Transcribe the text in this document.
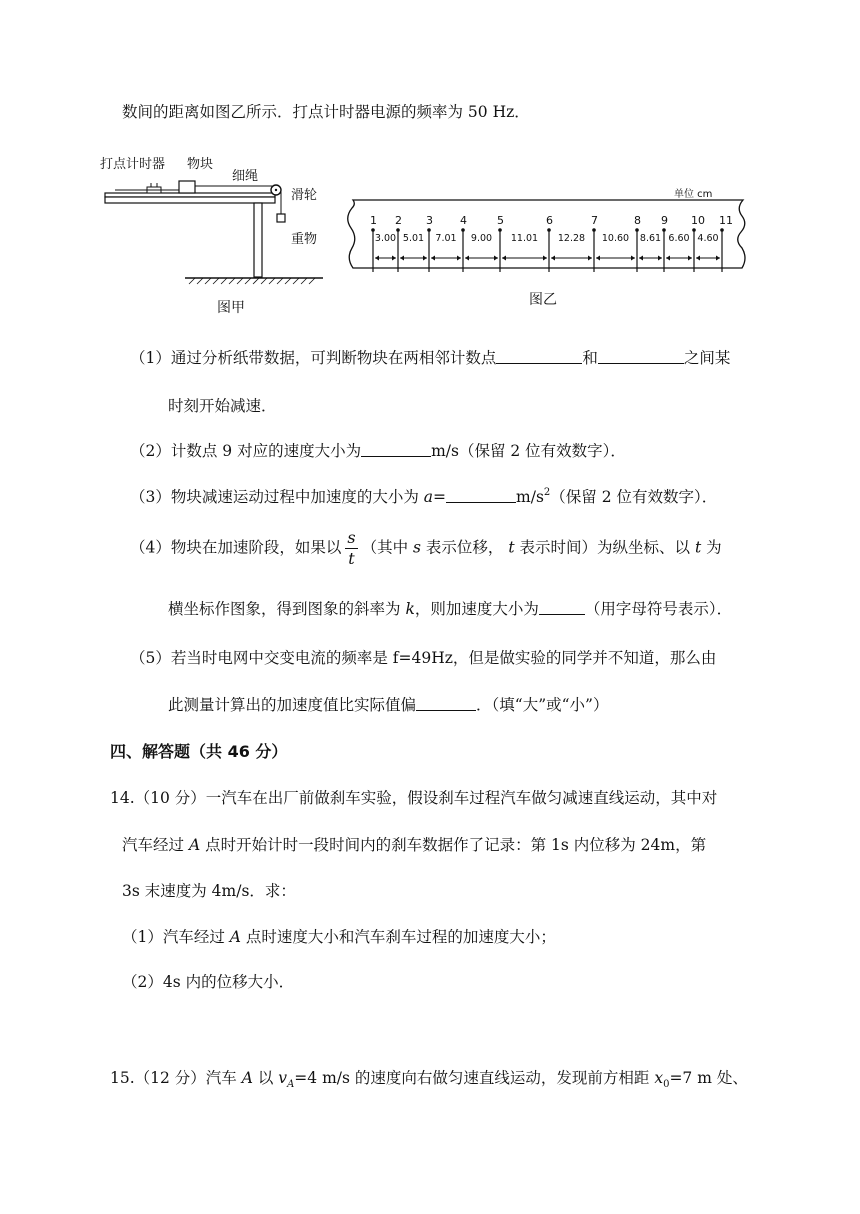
数间的距离如图乙所示．打点计时器电源的频率为 50 Hz．
打点计时器 物块
细绳
滑轮
重物
图甲
单位 cm
1 2 3 4	5	6	7	8 9 10 11
3.00 5.01 7.01 9.00 11.01 12.28 10.60 8.61 6.60 4.60
图乙
（1）通过分析纸带数据，可判断物块在两相邻计数点	和	之间某
时刻开始减速．
（2）计数点 9 对应的速度大小为	m/s（保留 2 位有效数字）．
（3）物块减速运动过程中加速度的大小为 a=	$m/s^2$（保留 2 位有效数字）．
（4）物块在加速阶段，如果以 $\frac{s}{t}$ （其中 s 表示位移， t 表示时间）为纵坐标、以 t 为
横坐标作图象，得到图象的斜率为 k，则加速度大小为	（用字母符号表示）．
（5）若当时电网中交变电流的频率是 f=49Hz，但是做实验的同学并不知道，那么由
此测量计算出的加速度值比实际值偏	．（填“大”或“小”）
四、解答题（共 46 分）
14.（10 分）一汽车在出厂前做刹车实验，假设刹车过程汽车做匀减速直线运动，其中对
汽车经过 A 点时开始计时一段时间内的刹车数据作了记录：第 1s 内位移为 24m，第
3s 末速度为 4m/s．求：
（1）汽车经过 A 点时速度大小和汽车刹车过程的加速度大小；
（2）4s 内的位移大小．
15.（12 分）汽车 A 以 $v_A=4$ m/s 的速度向右做匀速直线运动，发现前方相距 $x_0=7$ m 处、
